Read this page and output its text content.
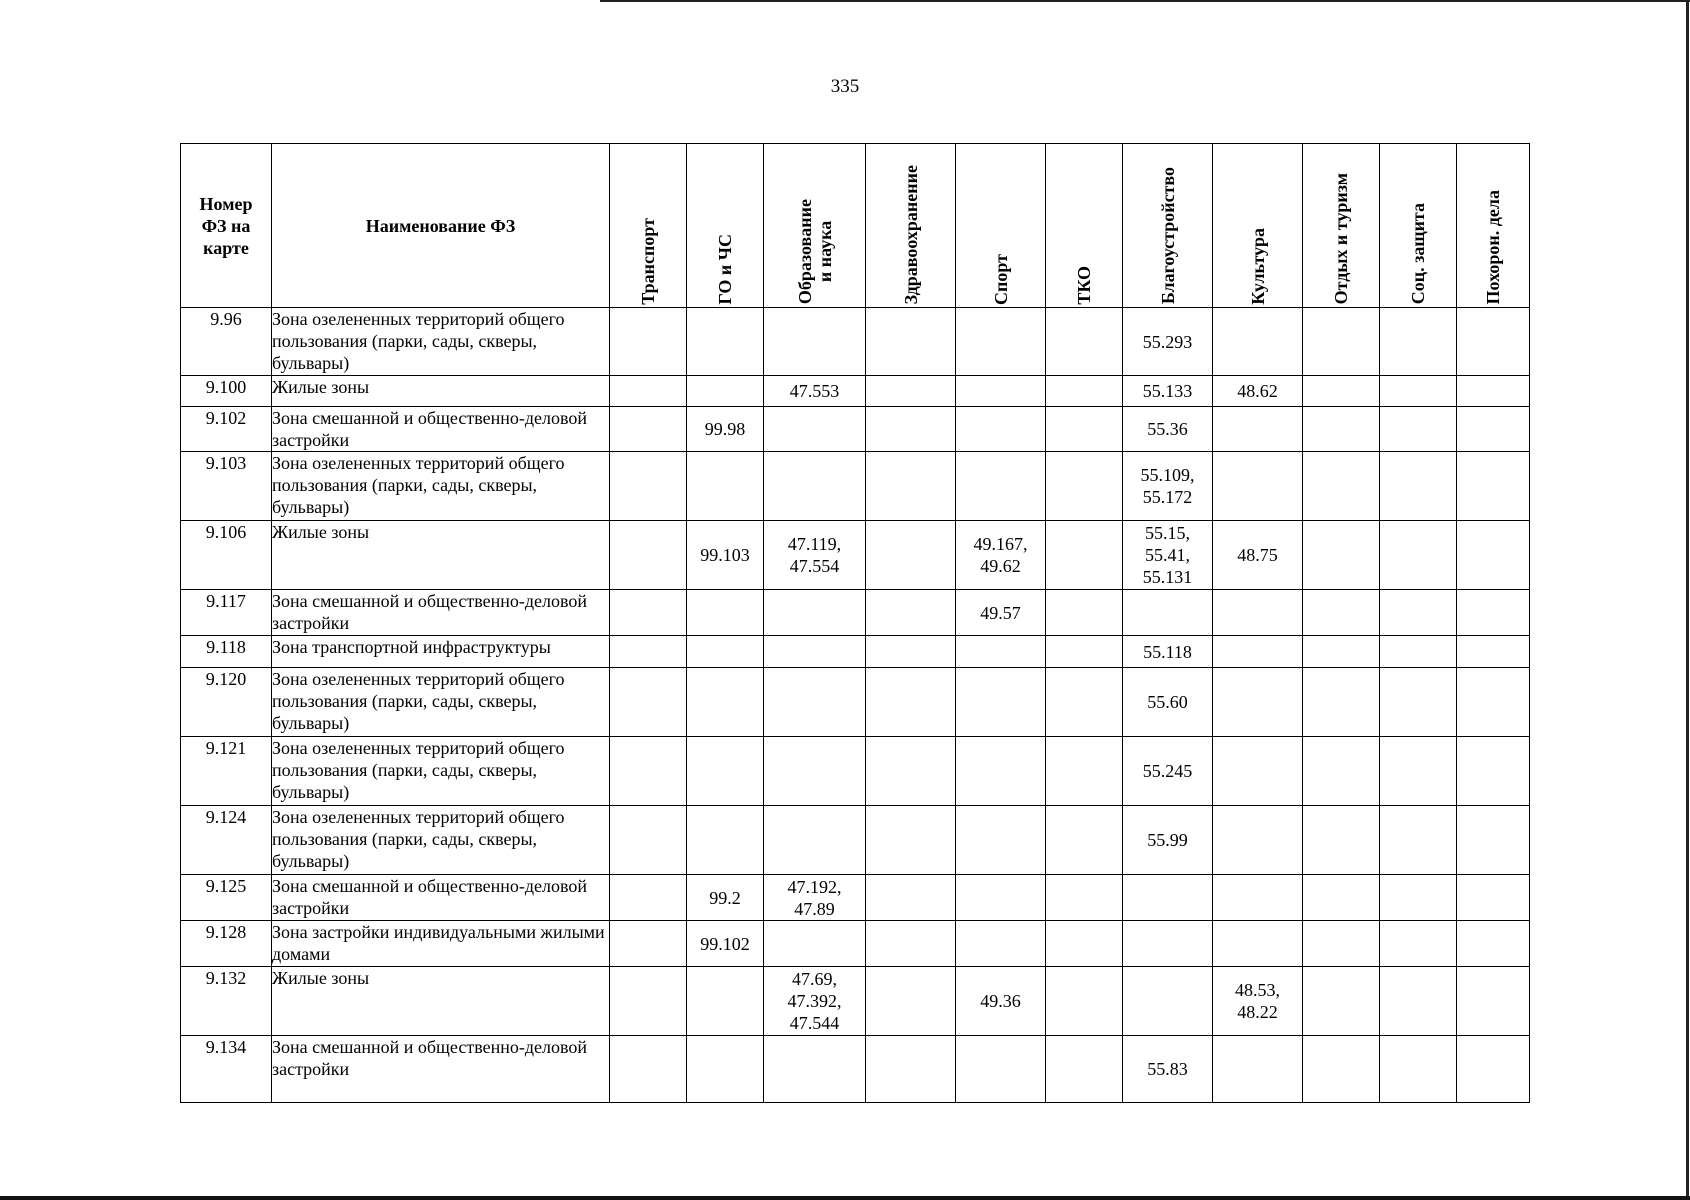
335
Номер
ФЗ на
карте	Наименование ФЗ	Транспорт	ГО и ЧС	Образование
и наука	Здравоохранение	Спорт	ТКО	Благоустройство	Культура	Отдых и туризм	Соц. защита	Похорон. дела

9.96	Зона озелененных территорий общего пользования (парки, сады, скверы, бульвары)							55.293				
9.100	Жилые зоны			47.553				55.133	48.62			
9.102	Зона смешанной и общественно-деловой застройки		99.98					55.36				
9.103	Зона озелененных территорий общего пользования (парки, сады, скверы, бульвары)							55.109,
55.172				
9.106	Жилые зоны		99.103	47.119,
47.554		49.167,
49.62		55.15,
55.41,
55.131	48.75			
9.117	Зона смешанной и общественно-деловой застройки					49.57						
9.118	Зона транспортной инфраструктуры							55.118				
9.120	Зона озелененных территорий общего пользования (парки, сады, скверы, бульвары)							55.60				
9.121	Зона озелененных территорий общего пользования (парки, сады, скверы, бульвары)							55.245				
9.124	Зона озелененных территорий общего пользования (парки, сады, скверы, бульвары)							55.99				
9.125	Зона смешанной и общественно-деловой застройки		99.2	47.192,
47.89								
9.128	Зона застройки индивидуальными жилыми домами		99.102									
9.132	Жилые зоны			47.69,
47.392,
47.544		49.36			48.53,
48.22			
9.134	Зона смешанной и общественно-деловой застройки							55.83				
